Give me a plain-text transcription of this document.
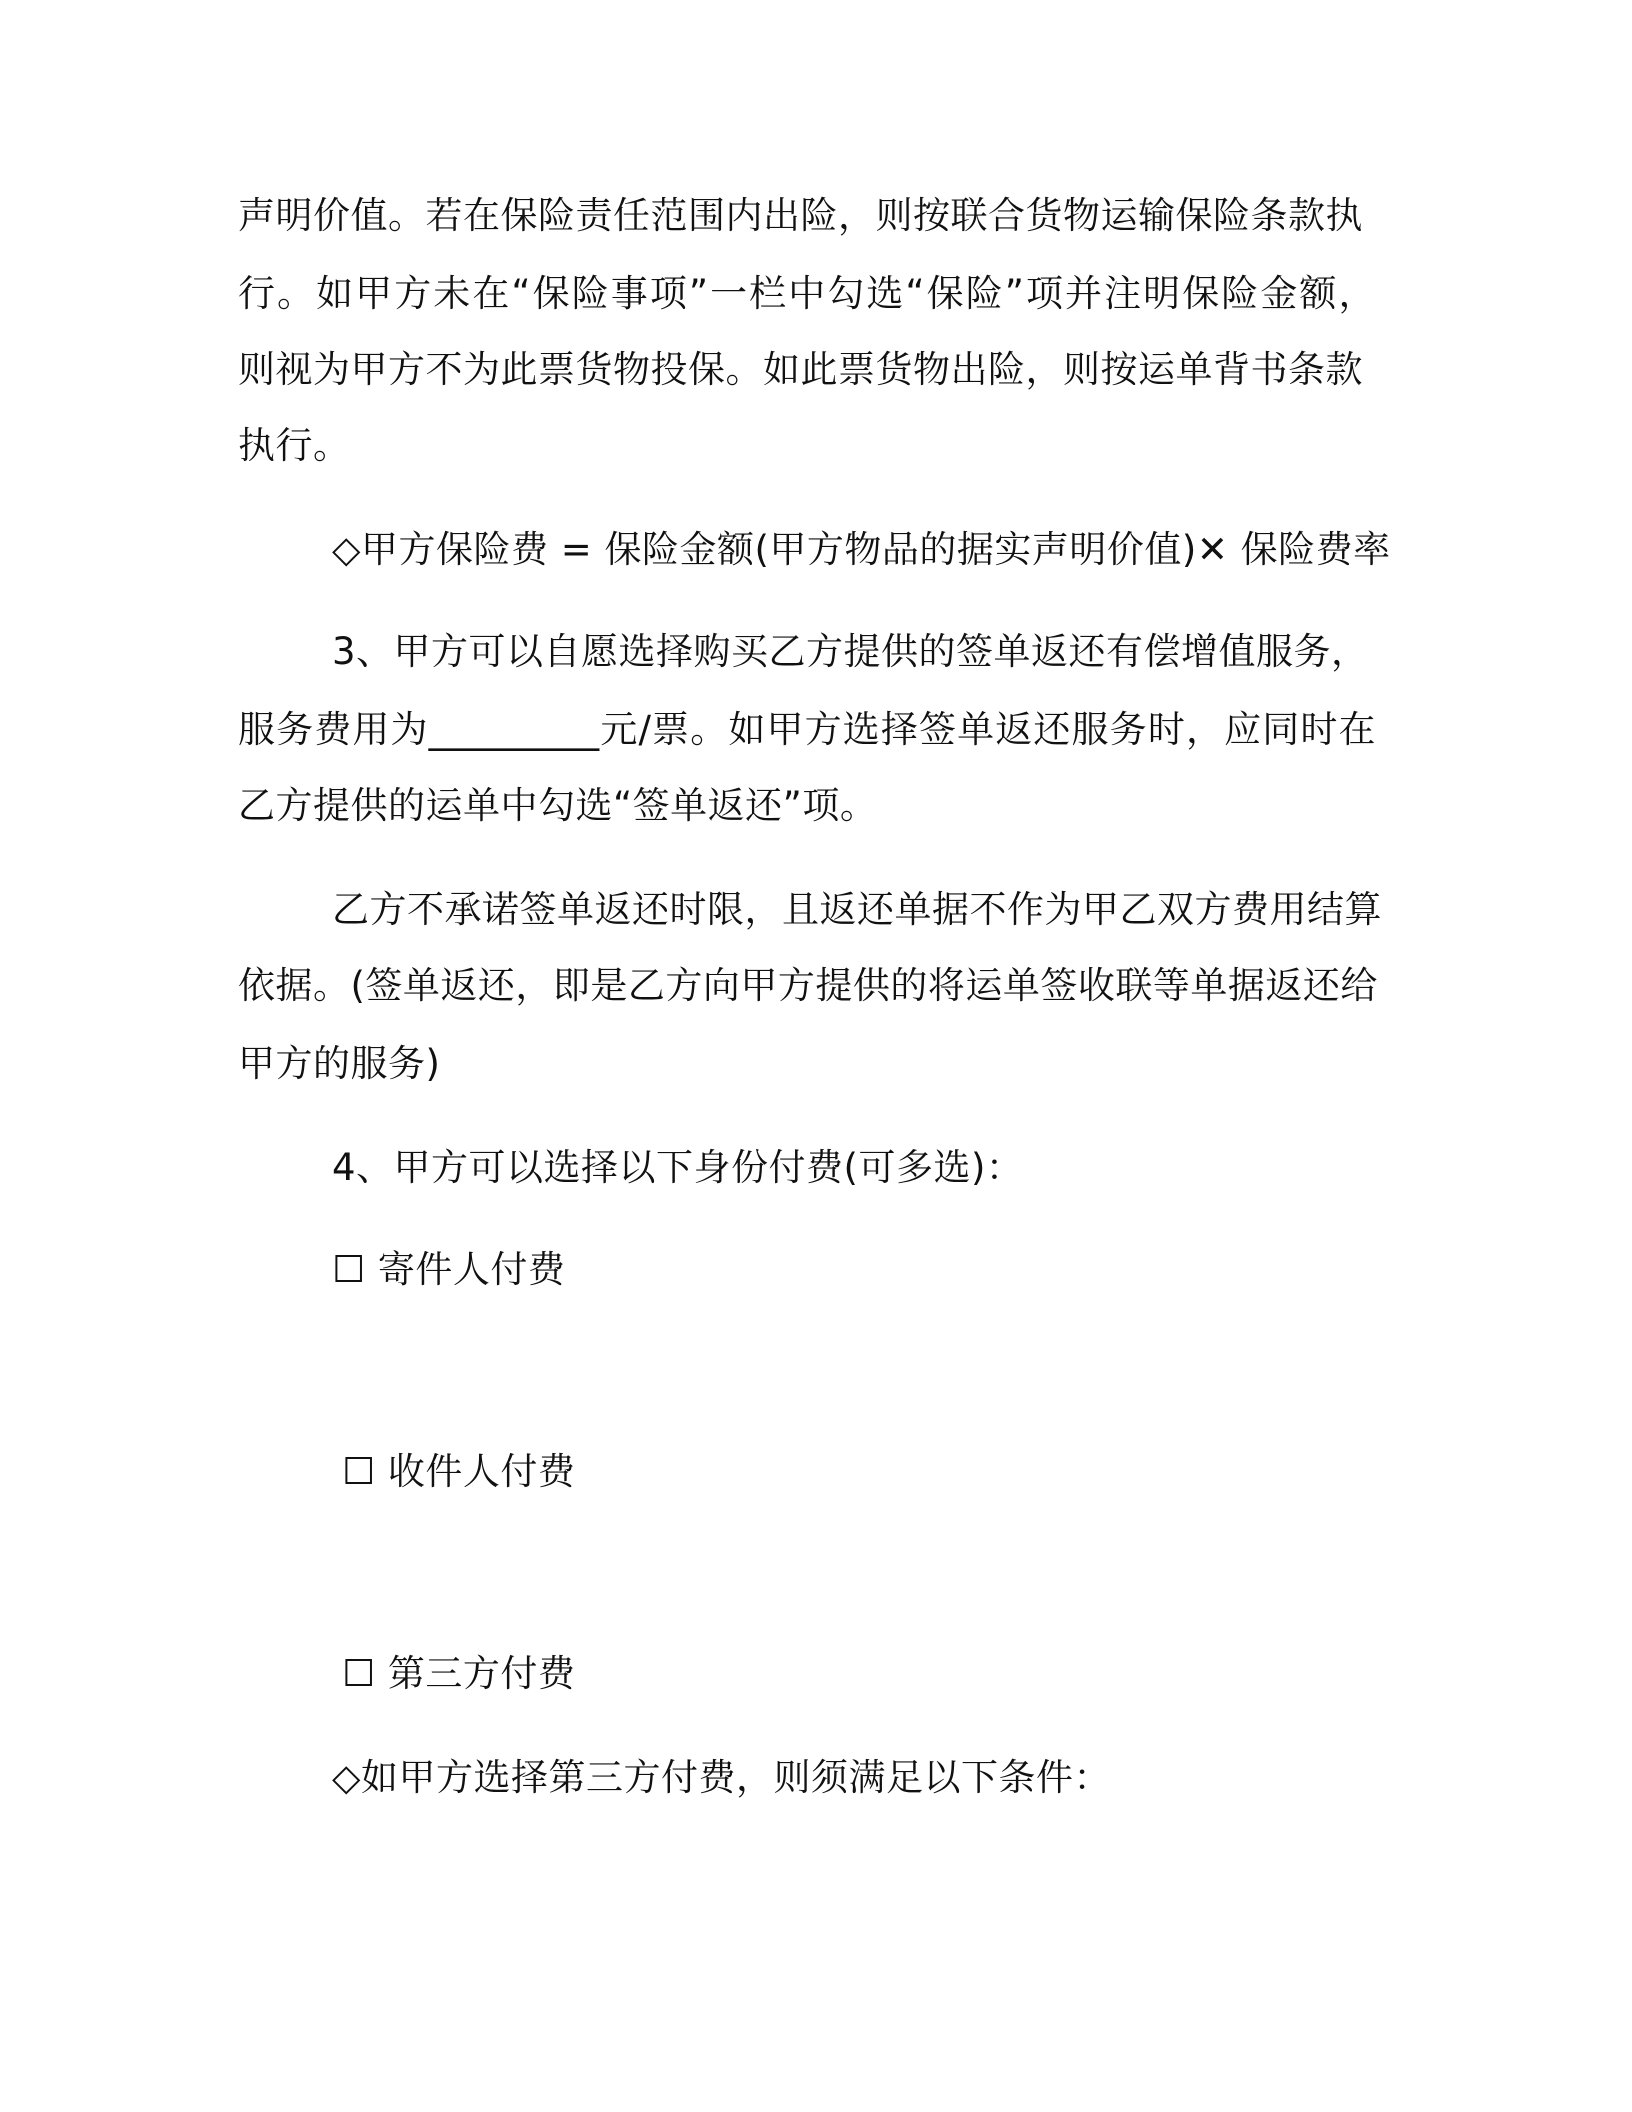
声明价值。若在保险责任范围内出险，则按联合货物运输保险条款执
行。如甲方未在“保险事项”一栏中勾选“保险”项并注明保险金额，
则视为甲方不为此票货物投保。如此票货物出险，则按运单背书条款
执行。
◇甲方保险费 = 保险金额(甲方物品的据实声明价值)✕ 保险费率
3、甲方可以自愿选择购买乙方提供的签单返还有偿增值服务，
服务费用为_________元/票。如甲方选择签单返还服务时，应同时在
乙方提供的运单中勾选“签单返还”项。
乙方不承诺签单返还时限，且返还单据不作为甲乙双方费用结算
依据。(签单返还，即是乙方向甲方提供的将运单签收联等单据返还给
甲方的服务)
4、甲方可以选择以下身份付费(可多选)：
☐ 寄件人付费
☐ 收件人付费
☐ 第三方付费
◇如甲方选择第三方付费，则须满足以下条件：
